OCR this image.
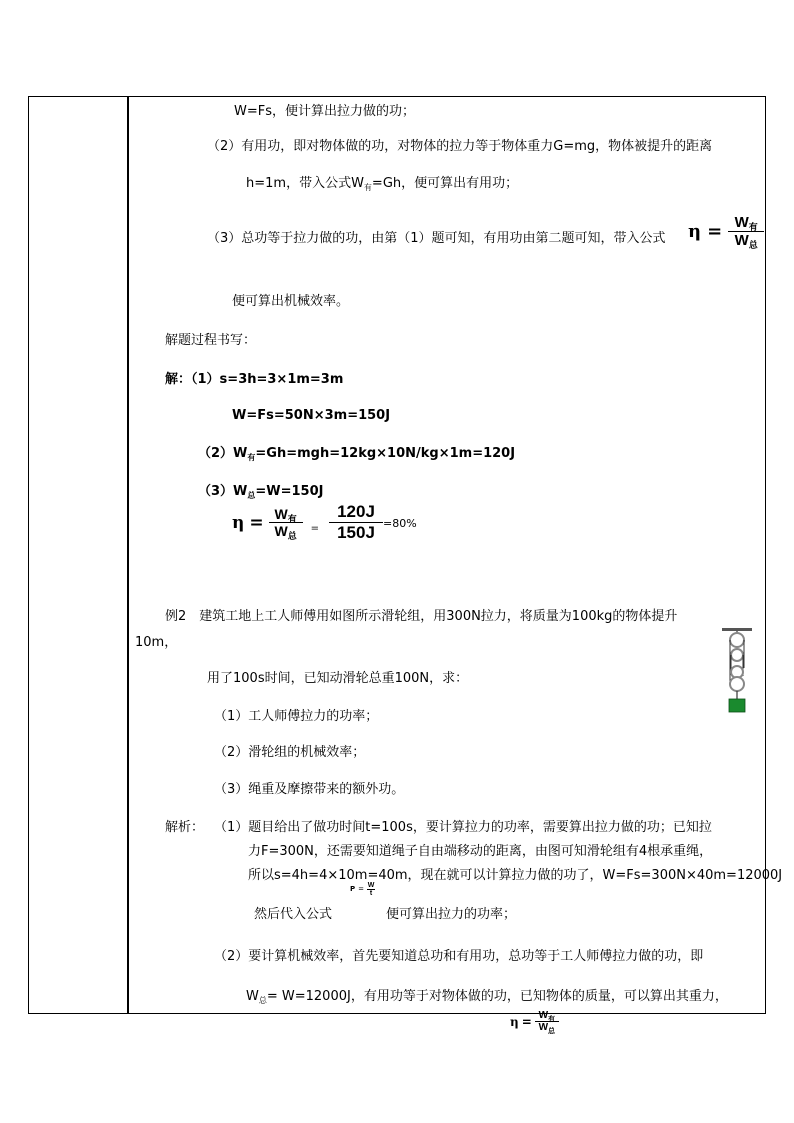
W=Fs，便计算出拉力做的功；
（2）有用功，即对物体做的功，对物体的拉力等于物体重力G=mg，物体被提升的距离
h=1m，带入公式$W_有=Gh$，便可算出有用功；
（3）总功等于拉力做的功，由第（1）题可知，有用功由第二题可知，带入公式 $\eta = \frac{W_有}{W_总}$
便可算出机械效率。
解题过程书写：
解：（1）s=3h=3×1m=3m
W=Fs=50N×3m=150J
$(2)W_有=Gh=mgh=12kg\times 10N/kg\times 1m=120J$
$(3)W_总=W=150J$
$\eta = \frac{W_有}{W_总} = \frac{120J}{150J} =80\%$
例2　建筑工地上工人师傅用如图所示滑轮组，用300N拉力，将质量为100kg的物体提升
10m，
用了100s时间，已知动滑轮总重100N，求：
（1）工人师傅拉力的功率；
（2）滑轮组的机械效率；
（3）绳重及摩擦带来的额外功。
解析： （1）题目给出了做功时间t=100s，要计算拉力的功率，需要算出拉力做的功；已知拉
力F=300N，还需要知道绳子自由端移动的距离，由图可知滑轮组有4根承重绳，
所以s=4h=4×10m=40m，现在就可以计算拉力做的功了，W=Fs=300N×40m=12000J
$P = \frac{W}{t}$
然后代入公式	便可算出拉力的功率；
（2）要计算机械效率，首先要知道总功和有用功，总功等于工人师傅拉力做的功，即
$W_总= W=12000J$，有用功等于对物体做的功，已知物体的质量，可以算出其重力，
$\eta = \frac{W_有}{W_总}$
